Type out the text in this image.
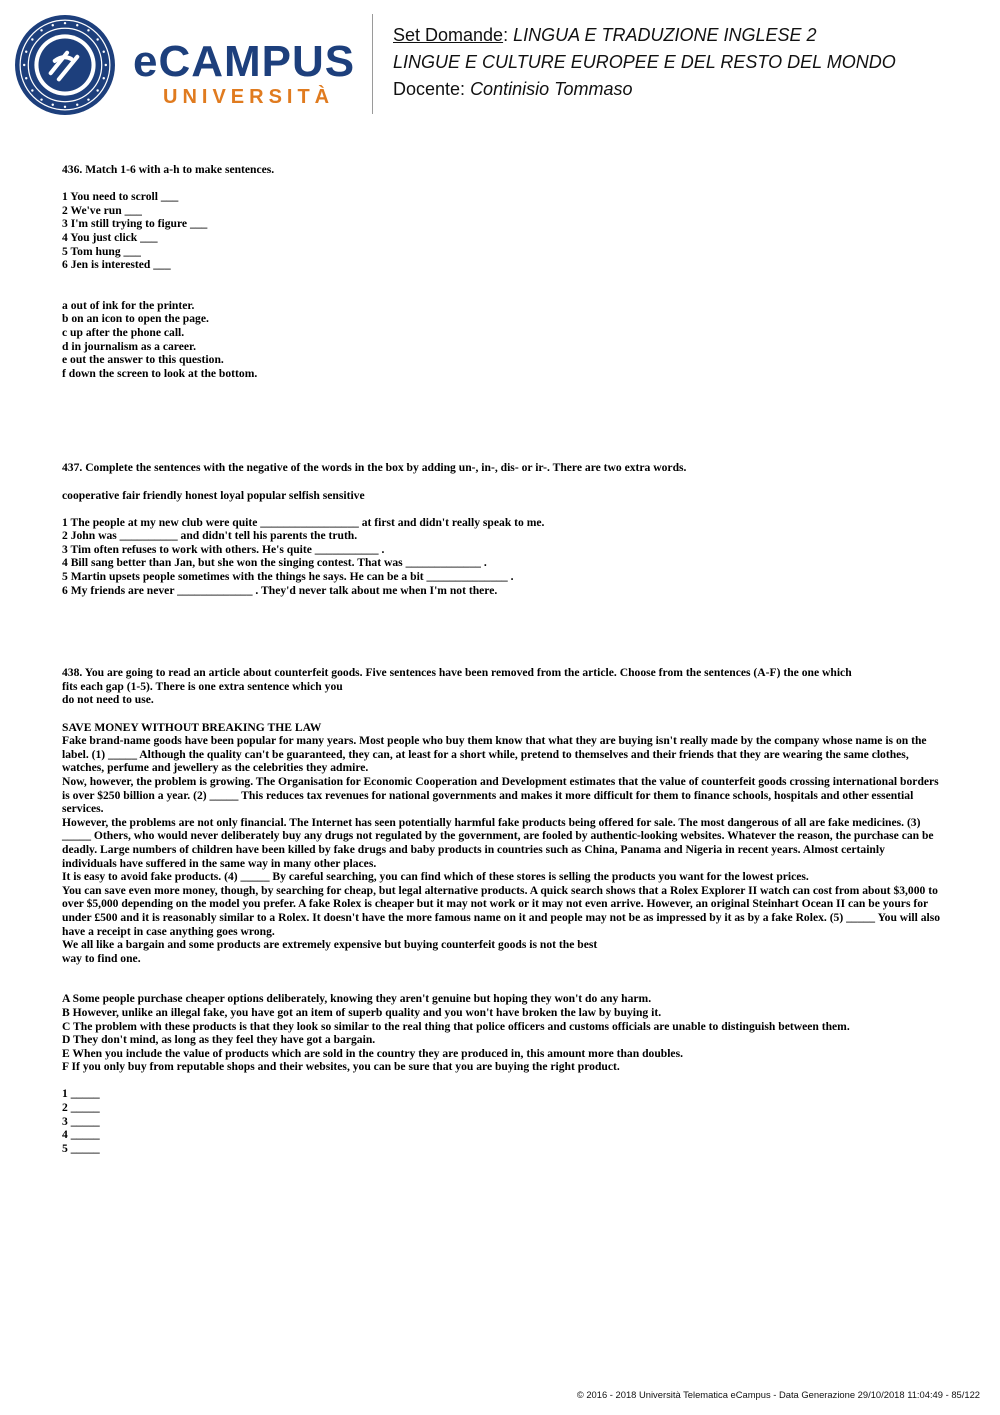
eCAMPUS
UNIVERSITÀ
Set Domande: LINGUA E TRADUZIONE INGLESE 2
LINGUE E CULTURE EUROPEE E DEL RESTO DEL MONDO
Docente: Continisio Tommaso
436. Match 1-6 with a-h to make sentences.
1 You need to scroll ___
2 We've run ___
3 I'm still trying to figure ___
4 You just click ___
5 Tom hung ___
6 Jen is interested ___
a out of ink for the printer.
b on an icon to open the page.
c up after the phone call.
d in journalism as a career.
e out the answer to this question.
f down the screen to look at the bottom.
437. Complete the sentences with the negative of the words in the box by adding un-, in-, dis- or ir-. There are two extra words.
cooperative fair friendly honest loyal popular selfish sensitive
1 The people at my new club were quite _________________ at first and didn't really speak to me.
2 John was __________ and didn't tell his parents the truth.
3 Tim often refuses to work with others. He's quite ___________ .
4 Bill sang better than Jan, but she won the singing contest. That was _____________ .
5 Martin upsets people sometimes with the things he says. He can be a bit ______________ .
6 My friends are never _____________ . They'd never talk about me when I'm not there.
438. You are going to read an article about counterfeit goods. Five sentences have been removed from the article. Choose from the sentences (A-F) the one which
fits each gap (1-5). There is one extra sentence which you
do not need to use.
SAVE MONEY WITHOUT BREAKING THE LAW
Fake brand-name goods have been popular for many years. Most people who buy them know that what they are buying isn't really made by the company whose name is on the label. (1) _____ Although the quality can't be guaranteed, they can, at least for a short while, pretend to themselves and their friends that they are wearing the same clothes, watches, perfume and jewellery as the celebrities they admire.
Now, however, the problem is growing. The Organisation for Economic Cooperation and Development estimates that the value of counterfeit goods crossing international borders is over $250 billion a year. (2) _____ This reduces tax revenues for national governments and makes it more difficult for them to finance schools, hospitals and other essential services.
However, the problems are not only financial. The Internet has seen potentially harmful fake products being offered for sale. The most dangerous of all are fake medicines. (3) _____ Others, who would never deliberately buy any drugs not regulated by the government, are fooled by authentic-looking websites. Whatever the reason, the purchase can be deadly. Large numbers of children have been killed by fake drugs and baby products in countries such as China, Panama and Nigeria in recent years. Almost certainly individuals have suffered in the same way in many other places.
It is easy to avoid fake products. (4) _____ By careful searching, you can find which of these stores is selling the products you want for the lowest prices.
You can save even more money, though, by searching for cheap, but legal alternative products. A quick search shows that a Rolex Explorer II watch can cost from about $3,000 to over $5,000 depending on the model you prefer. A fake Rolex is cheaper but it may not work or it may not even arrive. However, an original Steinhart Ocean II can be yours for under £500 and it is reasonably similar to a Rolex. It doesn't have the more famous name on it and people may not be as impressed by it as by a fake Rolex. (5) _____ You will also have a receipt in case anything goes wrong.
We all like a bargain and some products are extremely expensive but buying counterfeit goods is not the best
way to find one.
A Some people purchase cheaper options deliberately, knowing they aren't genuine but hoping they won't do any harm.
B However, unlike an illegal fake, you have got an item of superb quality and you won't have broken the law by buying it.
C The problem with these products is that they look so similar to the real thing that police officers and customs officials are unable to distinguish between them.
D They don't mind, as long as they feel they have got a bargain.
E When you include the value of products which are sold in the country they are produced in, this amount more than doubles.
F If you only buy from reputable shops and their websites, you can be sure that you are buying the right product.
1 _____
2 _____
3 _____
4 _____
5 _____
© 2016 - 2018 Università Telematica eCampus - Data Generazione 29/10/2018 11:04:49 - 85/122
